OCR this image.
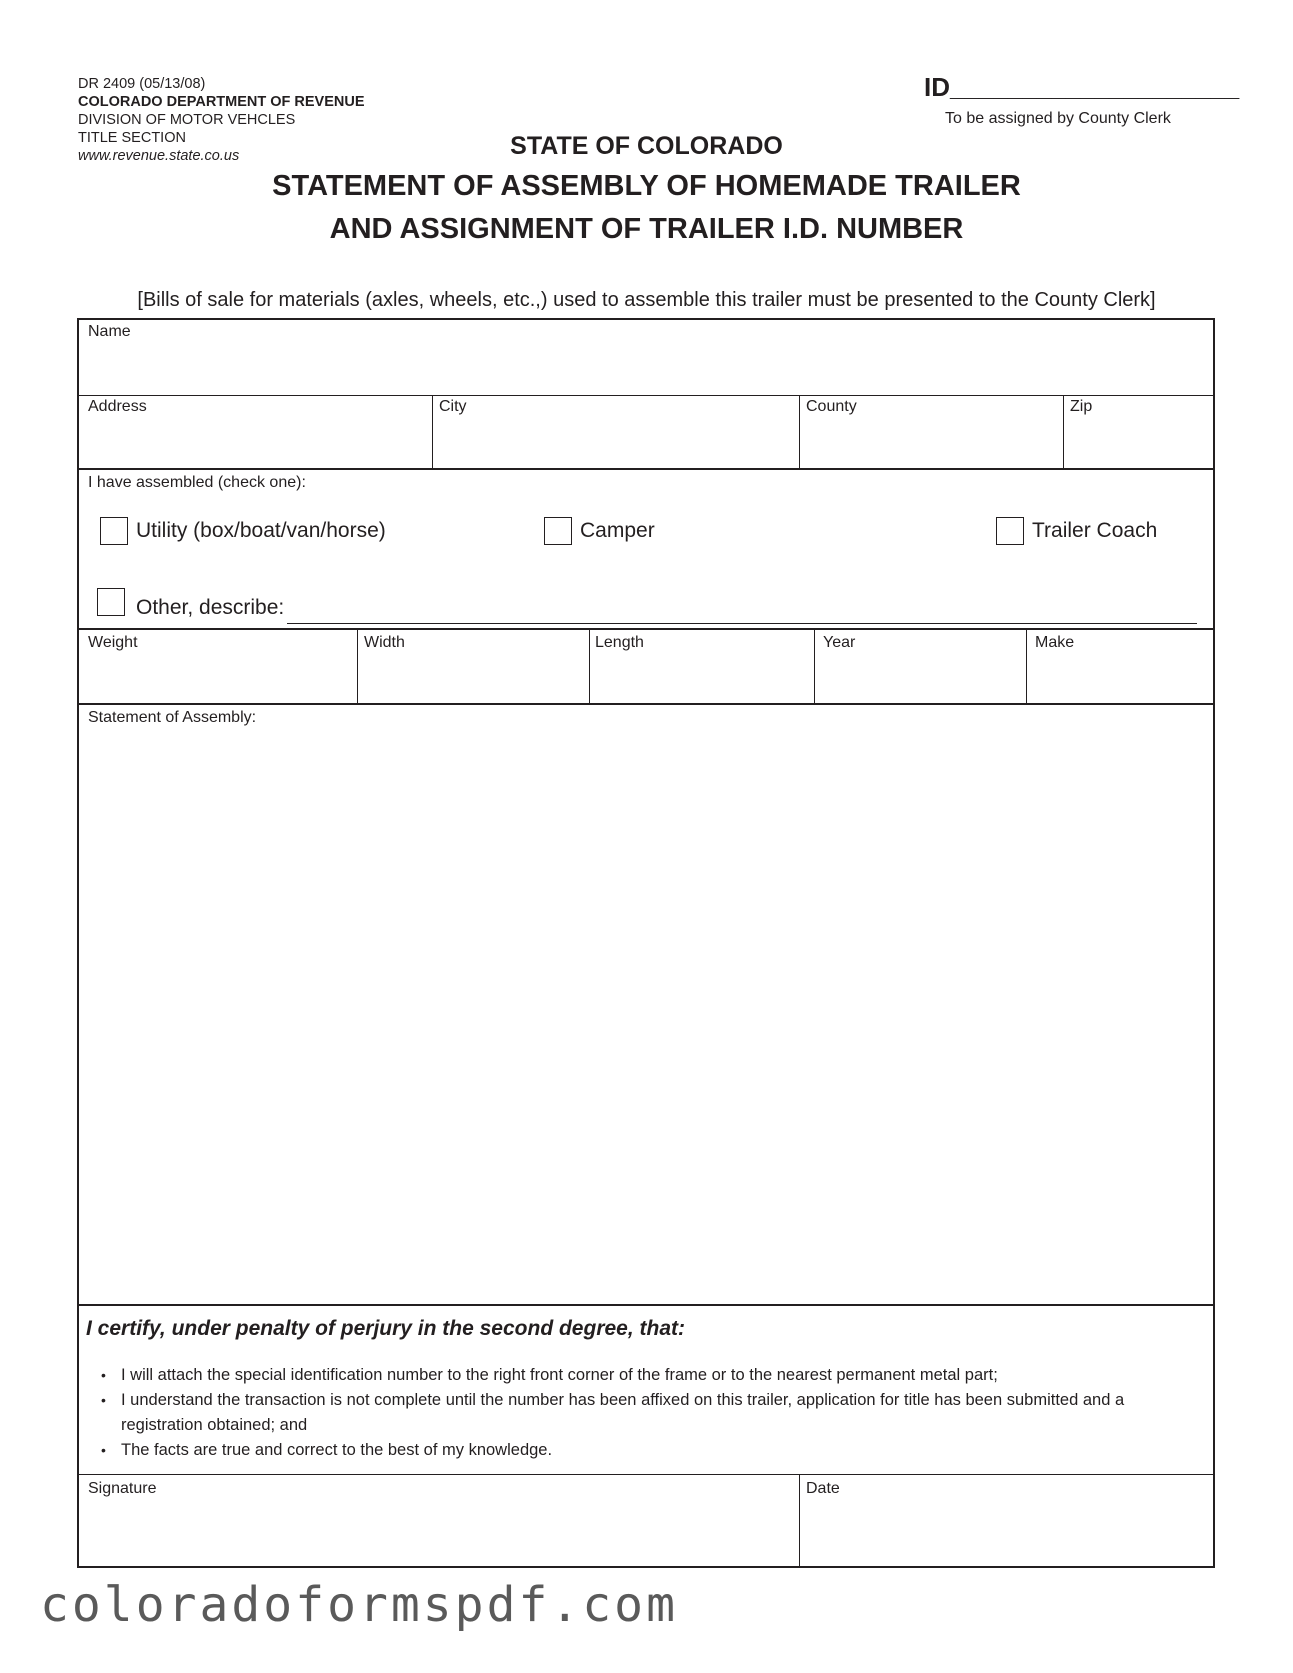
DR 2409 (05/13/08)
COLORADO DEPARTMENT OF REVENUE
DIVISION OF MOTOR VEHCLES
TITLE SECTION
www.revenue.state.co.us
ID____________________
To be assigned by County Clerk
STATE OF COLORADO
STATEMENT OF ASSEMBLY OF HOMEMADE TRAILER
AND ASSIGNMENT OF TRAILER I.D. NUMBER
[Bills of sale for materials (axles, wheels, etc.,) used to assemble this trailer must be presented to the County Clerk]
Name
Address	City	County	Zip
I have assembled (check one):
Utility (box/boat/van/horse)	Camper	Trailer Coach
Other, describe:
Weight	Width	Length	Year	Make
Statement of Assembly:
I certify, under penalty of perjury in the second degree, that:
• I will attach the special identification number to the right front corner of the frame or to the nearest permanent metal part;
• I understand the transaction is not complete until the number has been affixed on this trailer, application for title has been submitted and a registration obtained; and
• The facts are true and correct to the best of my knowledge.
Signature	Date
coloradoformspdf.com
